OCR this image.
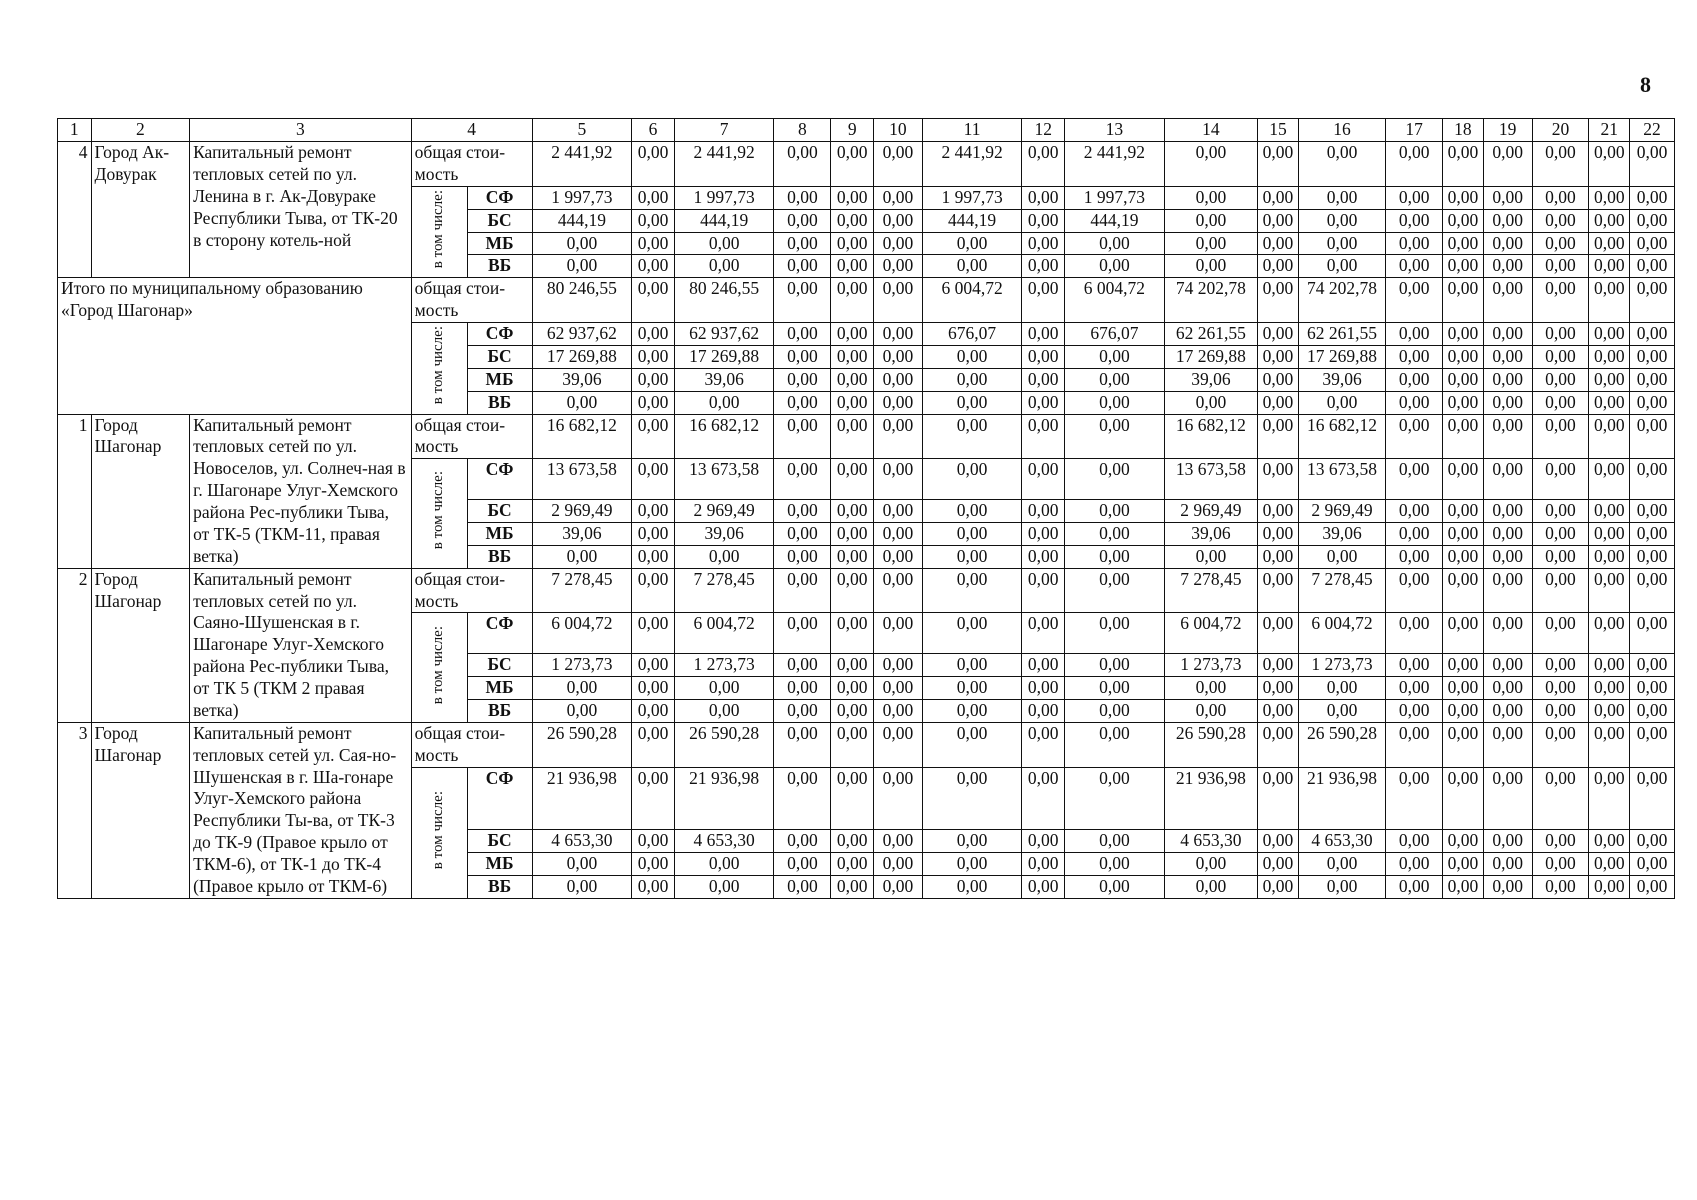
8
1	2	3	4		5	6	7	8	9	10	11	12	13	14	15	16	17	18	19	20	21	22
4	Город Ак-Довурак	Капитальный ремонт тепловых сетей по ул. Ленина в г. Ак-Довураке Республики Тыва, от ТК-20 в сторону котель-ной	общая стои-мость		2 441,92	0,00	2 441,92	0,00	0,00	0,00	2 441,92	0,00	2 441,92	0,00	0,00	0,00	0,00	0,00	0,00	0,00	0,00	0,00
			в том числе:	СФ	1 997,73	0,00	1 997,73	0,00	0,00	0,00	1 997,73	0,00	1 997,73	0,00	0,00	0,00	0,00	0,00	0,00	0,00	0,00	0,00
				БС	444,19	0,00	444,19	0,00	0,00	0,00	444,19	0,00	444,19	0,00	0,00	0,00	0,00	0,00	0,00	0,00	0,00	0,00
				МБ	0,00	0,00	0,00	0,00	0,00	0,00	0,00	0,00	0,00	0,00	0,00	0,00	0,00	0,00	0,00	0,00	0,00	0,00
				ВБ	0,00	0,00	0,00	0,00	0,00	0,00	0,00	0,00	0,00	0,00	0,00	0,00	0,00	0,00	0,00	0,00	0,00	0,00
Итого по муниципальному образованию «Город Шагонар»			общая стои-мость		80 246,55	0,00	80 246,55	0,00	0,00	0,00	6 004,72	0,00	6 004,72	74 202,78	0,00	74 202,78	0,00	0,00	0,00	0,00	0,00	0,00
			в том числе:	СФ	62 937,62	0,00	62 937,62	0,00	0,00	0,00	676,07	0,00	676,07	62 261,55	0,00	62 261,55	0,00	0,00	0,00	0,00	0,00	0,00
				БС	17 269,88	0,00	17 269,88	0,00	0,00	0,00	0,00	0,00	0,00	17 269,88	0,00	17 269,88	0,00	0,00	0,00	0,00	0,00	0,00
				МБ	39,06	0,00	39,06	0,00	0,00	0,00	0,00	0,00	0,00	39,06	0,00	39,06	0,00	0,00	0,00	0,00	0,00	0,00
				ВБ	0,00	0,00	0,00	0,00	0,00	0,00	0,00	0,00	0,00	0,00	0,00	0,00	0,00	0,00	0,00	0,00	0,00	0,00
1	Город Шагонар	Капитальный ремонт тепловых сетей по ул. Новоселов, ул. Солнеч-ная в г. Шагонаре Улуг-Хемского района Рес-публики Тыва, от ТК-5 (ТКМ-11, правая ветка)	общая стои-мость		16 682,12	0,00	16 682,12	0,00	0,00	0,00	0,00	0,00	0,00	16 682,12	0,00	16 682,12	0,00	0,00	0,00	0,00	0,00	0,00
			в том числе:	СФ	13 673,58	0,00	13 673,58	0,00	0,00	0,00	0,00	0,00	0,00	13 673,58	0,00	13 673,58	0,00	0,00	0,00	0,00	0,00	0,00
				БС	2 969,49	0,00	2 969,49	0,00	0,00	0,00	0,00	0,00	0,00	2 969,49	0,00	2 969,49	0,00	0,00	0,00	0,00	0,00	0,00
				МБ	39,06	0,00	39,06	0,00	0,00	0,00	0,00	0,00	0,00	39,06	0,00	39,06	0,00	0,00	0,00	0,00	0,00	0,00
				ВБ	0,00	0,00	0,00	0,00	0,00	0,00	0,00	0,00	0,00	0,00	0,00	0,00	0,00	0,00	0,00	0,00	0,00	0,00
2	Город Шагонар	Капитальный ремонт тепловых сетей по ул. Саяно-Шушенская в г. Шагонаре Улуг-Хемского района Рес-публики Тыва, от ТК 5 (ТКМ 2 правая ветка)	общая стои-мость		7 278,45	0,00	7 278,45	0,00	0,00	0,00	0,00	0,00	0,00	7 278,45	0,00	7 278,45	0,00	0,00	0,00	0,00	0,00	0,00
			в том числе:	СФ	6 004,72	0,00	6 004,72	0,00	0,00	0,00	0,00	0,00	0,00	6 004,72	0,00	6 004,72	0,00	0,00	0,00	0,00	0,00	0,00
				БС	1 273,73	0,00	1 273,73	0,00	0,00	0,00	0,00	0,00	0,00	1 273,73	0,00	1 273,73	0,00	0,00	0,00	0,00	0,00	0,00
				МБ	0,00	0,00	0,00	0,00	0,00	0,00	0,00	0,00	0,00	0,00	0,00	0,00	0,00	0,00	0,00	0,00	0,00	0,00
				ВБ	0,00	0,00	0,00	0,00	0,00	0,00	0,00	0,00	0,00	0,00	0,00	0,00	0,00	0,00	0,00	0,00	0,00	0,00
3	Город Шагонар	Капитальный ремонт тепловых сетей ул. Сая-но-Шушенская в г. Ша-гонаре Улуг-Хемского района Республики Ты-ва, от ТК-3 до ТК-9 (Правое крыло от ТКМ-6), от ТК-1 до ТК-4 (Правое крыло от ТКМ-6)	общая стои-мость		26 590,28	0,00	26 590,28	0,00	0,00	0,00	0,00	0,00	0,00	26 590,28	0,00	26 590,28	0,00	0,00	0,00	0,00	0,00	0,00
			в том числе:	СФ	21 936,98	0,00	21 936,98	0,00	0,00	0,00	0,00	0,00	0,00	21 936,98	0,00	21 936,98	0,00	0,00	0,00	0,00	0,00	0,00
				БС	4 653,30	0,00	4 653,30	0,00	0,00	0,00	0,00	0,00	0,00	4 653,30	0,00	4 653,30	0,00	0,00	0,00	0,00	0,00	0,00
				МБ	0,00	0,00	0,00	0,00	0,00	0,00	0,00	0,00	0,00	0,00	0,00	0,00	0,00	0,00	0,00	0,00	0,00	0,00
				ВБ	0,00	0,00	0,00	0,00	0,00	0,00	0,00	0,00	0,00	0,00	0,00	0,00	0,00	0,00	0,00	0,00	0,00	0,00
